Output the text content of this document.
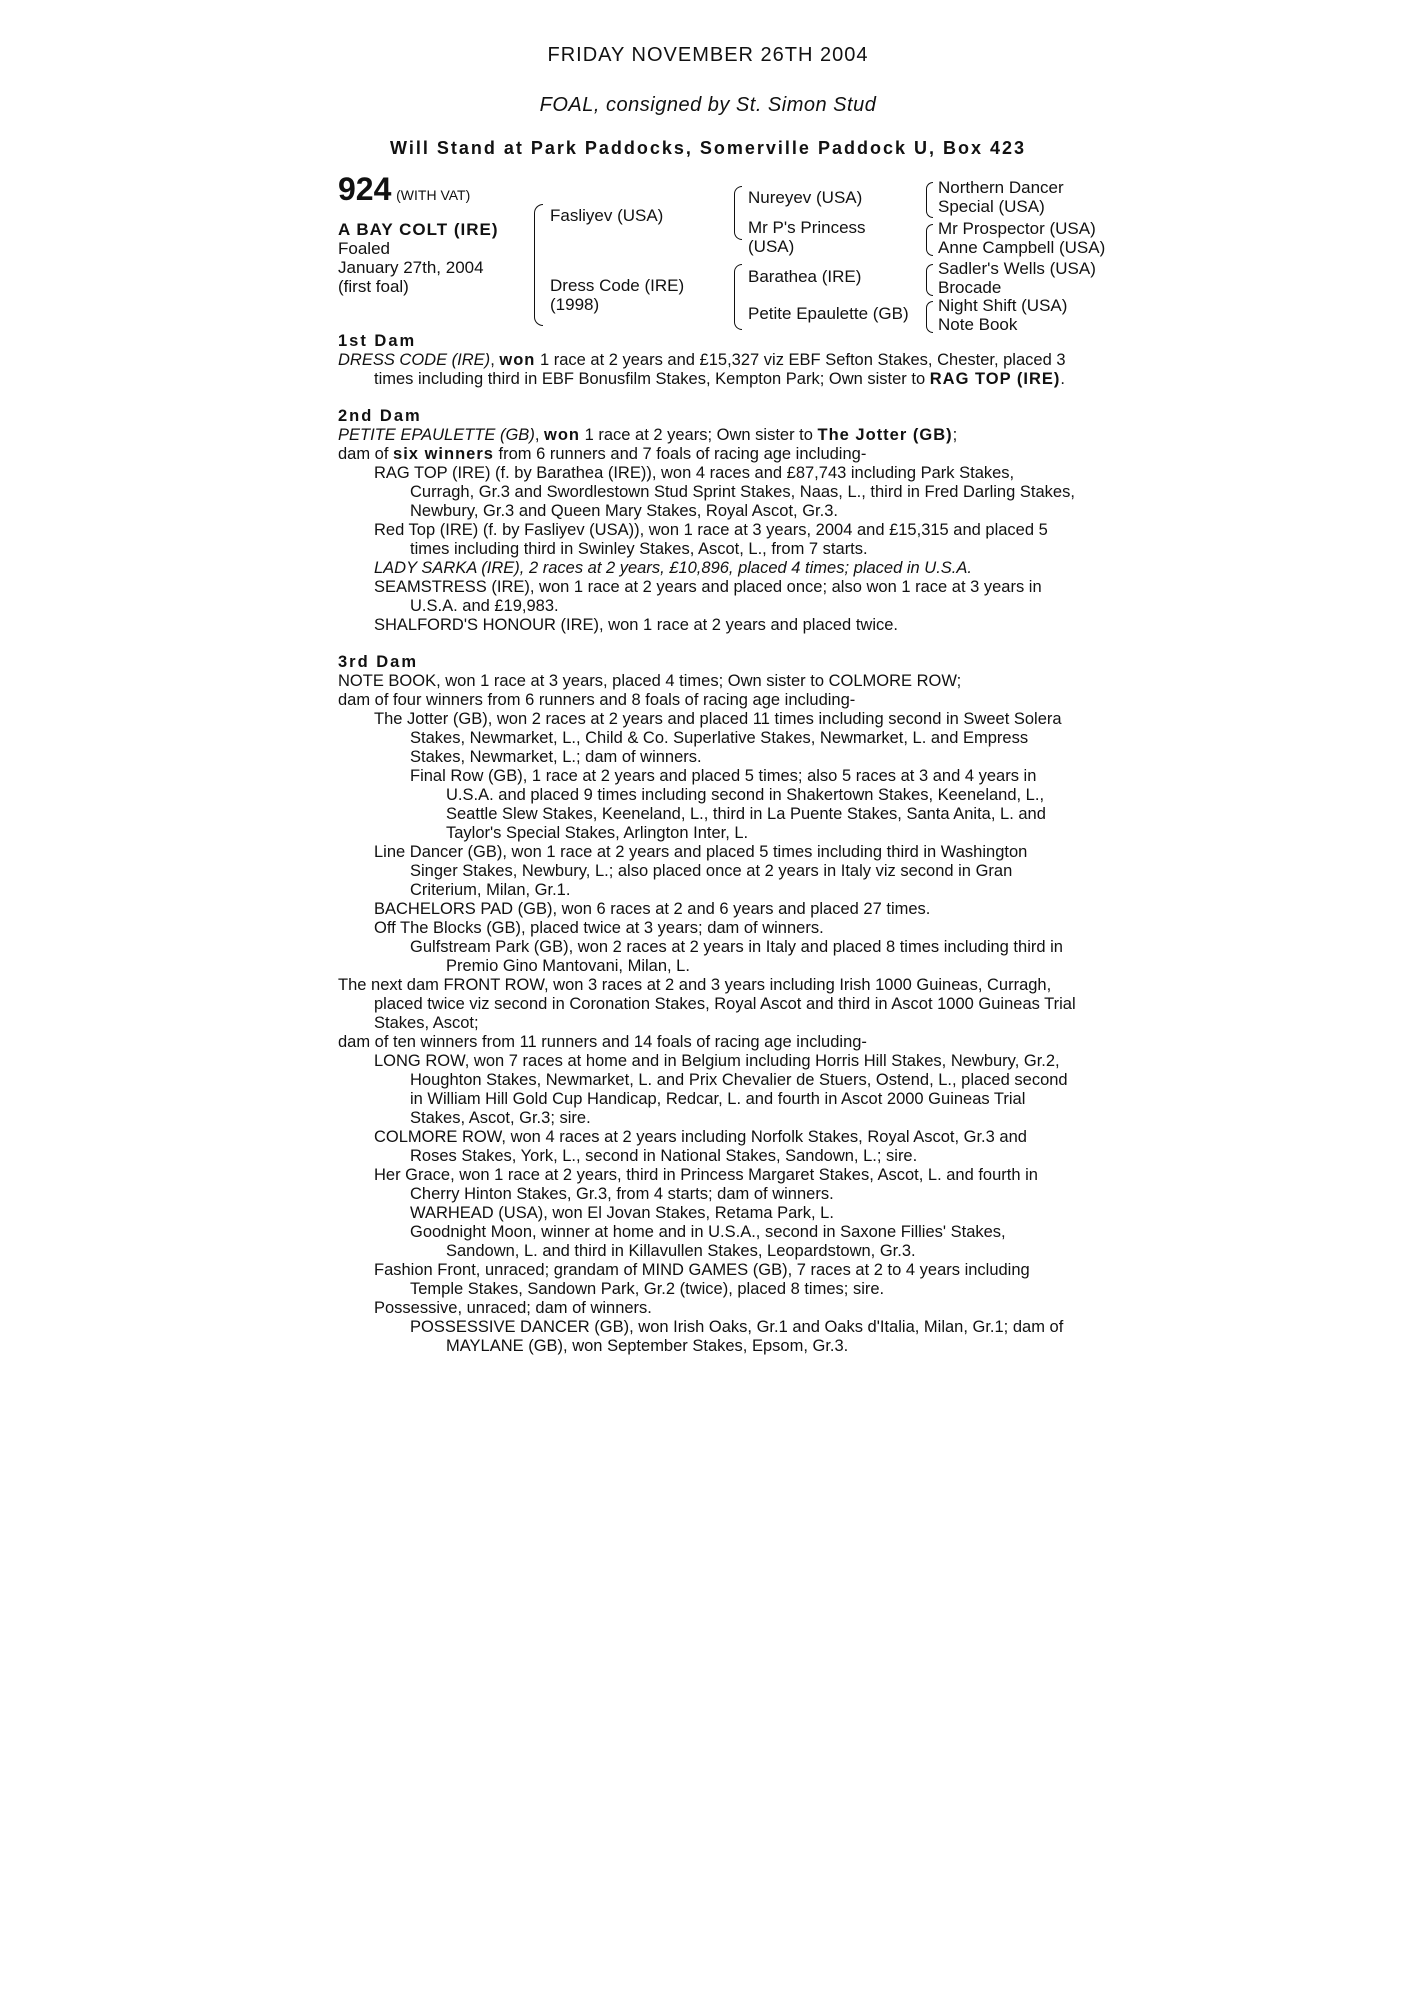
FRIDAY NOVEMBER 26TH 2004
FOAL, consigned by St. Simon Stud
Will Stand at Park Paddocks, Somerville Paddock U, Box 423
924 (WITH VAT)
A BAY COLT (IRE)
Foaled
January 27th, 2004
(first foal)
Fasliyev (USA)
Dress Code (IRE)
(1998)
Nureyev (USA)
Mr P's Princess
(USA)
Barathea (IRE)
Petite Epaulette (GB)
Northern Dancer
Special (USA)
Mr Prospector (USA)
Anne Campbell (USA)
Sadler's Wells (USA)
Brocade
Night Shift (USA)
Note Book
1st Dam

DRESS CODE (IRE), won 1 race at 2 years and £15,327 viz EBF Sefton Stakes, Chester, placed 3 times including third in EBF Bonusfilm Stakes, Kempton Park; Own sister to RAG TOP (IRE).

2nd Dam

PETITE EPAULETTE (GB), won 1 race at 2 years; Own sister to The Jotter (GB);

dam of six winners from 6 runners and 7 foals of racing age including-

RAG TOP (IRE) (f. by Barathea (IRE)), won 4 races and £87,743 including Park Stakes, Curragh, Gr.3 and Swordlestown Stud Sprint Stakes, Naas, L., third in Fred Darling Stakes, Newbury, Gr.3 and Queen Mary Stakes, Royal Ascot, Gr.3.

Red Top (IRE) (f. by Fasliyev (USA)), won 1 race at 3 years, 2004 and £15,315 and placed 5 times including third in Swinley Stakes, Ascot, L., from 7 starts.

LADY SARKA (IRE), 2 races at 2 years, £10,896, placed 4 times; placed in U.S.A.

SEAMSTRESS (IRE), won 1 race at 2 years and placed once; also won 1 race at 3 years in U.S.A. and £19,983.

SHALFORD'S HONOUR (IRE), won 1 race at 2 years and placed twice.

3rd Dam

NOTE BOOK, won 1 race at 3 years, placed 4 times; Own sister to COLMORE ROW;

dam of four winners from 6 runners and 8 foals of racing age including-

The Jotter (GB), won 2 races at 2 years and placed 11 times including second in Sweet Solera Stakes, Newmarket, L., Child & Co. Superlative Stakes, Newmarket, L. and Empress Stakes, Newmarket, L.; dam of winners.

Final Row (GB), 1 race at 2 years and placed 5 times; also 5 races at 3 and 4 years in U.S.A. and placed 9 times including second in Shakertown Stakes, Keeneland, L., Seattle Slew Stakes, Keeneland, L., third in La Puente Stakes, Santa Anita, L. and Taylor's Special Stakes, Arlington Inter, L.

Line Dancer (GB), won 1 race at 2 years and placed 5 times including third in Washington Singer Stakes, Newbury, L.; also placed once at 2 years in Italy viz second in Gran Criterium, Milan, Gr.1.

BACHELORS PAD (GB), won 6 races at 2 and 6 years and placed 27 times.

Off The Blocks (GB), placed twice at 3 years; dam of winners.

Gulfstream Park (GB), won 2 races at 2 years in Italy and placed 8 times including third in Premio Gino Mantovani, Milan, L.

The next dam FRONT ROW, won 3 races at 2 and 3 years including Irish 1000 Guineas, Curragh, placed twice viz second in Coronation Stakes, Royal Ascot and third in Ascot 1000 Guineas Trial Stakes, Ascot;

dam of ten winners from 11 runners and 14 foals of racing age including-

LONG ROW, won 7 races at home and in Belgium including Horris Hill Stakes, Newbury, Gr.2, Houghton Stakes, Newmarket, L. and Prix Chevalier de Stuers, Ostend, L., placed second in William Hill Gold Cup Handicap, Redcar, L. and fourth in Ascot 2000 Guineas Trial Stakes, Ascot, Gr.3; sire.

COLMORE ROW, won 4 races at 2 years including Norfolk Stakes, Royal Ascot, Gr.3 and Roses Stakes, York, L., second in National Stakes, Sandown, L.; sire.

Her Grace, won 1 race at 2 years, third in Princess Margaret Stakes, Ascot, L. and fourth in Cherry Hinton Stakes, Gr.3, from 4 starts; dam of winners.

WARHEAD (USA), won El Jovan Stakes, Retama Park, L.

Goodnight Moon, winner at home and in U.S.A., second in Saxone Fillies' Stakes, Sandown, L. and third in Killavullen Stakes, Leopardstown, Gr.3.

Fashion Front, unraced; grandam of MIND GAMES (GB), 7 races at 2 to 4 years including Temple Stakes, Sandown Park, Gr.2 (twice), placed 8 times; sire.

Possessive, unraced; dam of winners.

POSSESSIVE DANCER (GB), won Irish Oaks, Gr.1 and Oaks d'Italia, Milan, Gr.1; dam of MAYLANE (GB), won September Stakes, Epsom, Gr.3.
